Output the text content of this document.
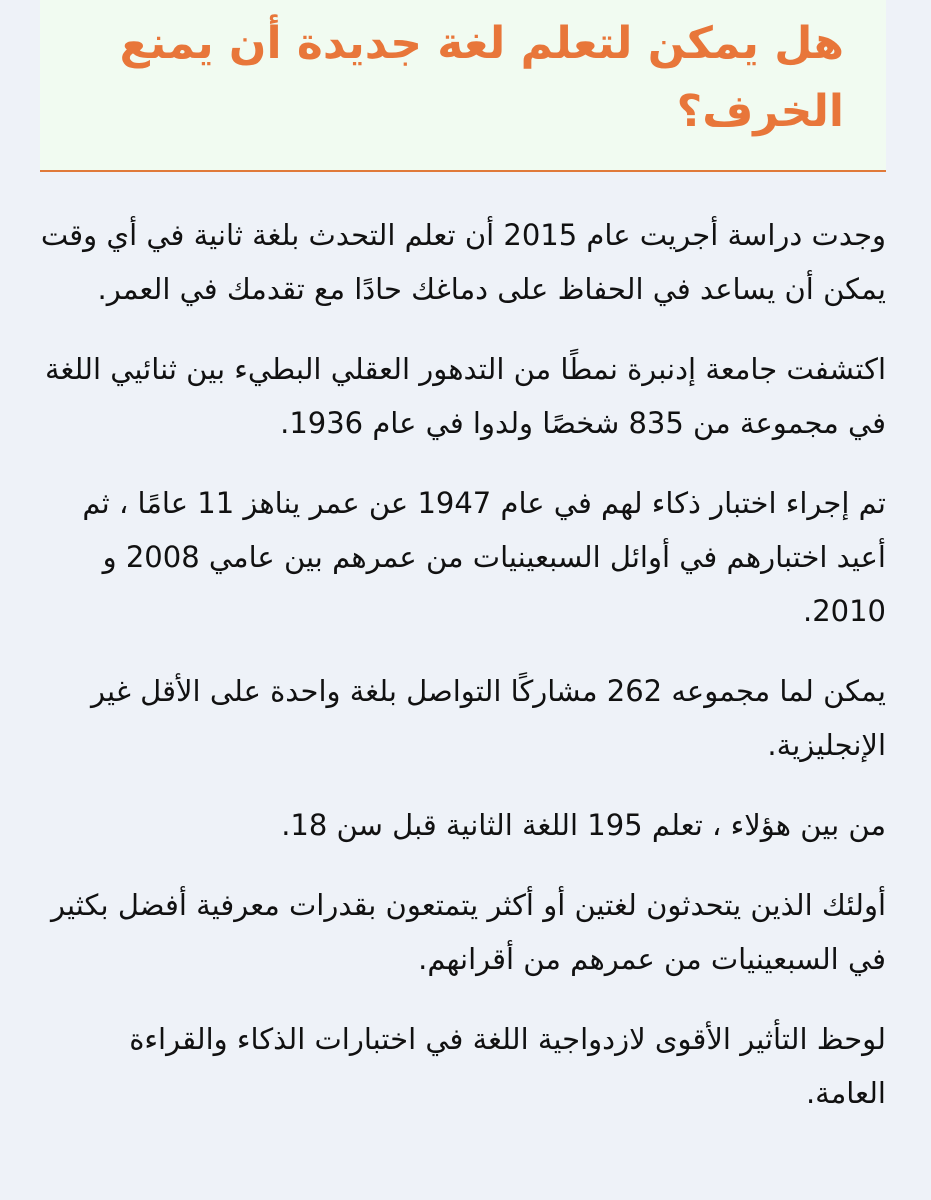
هل يمكن لتعلم لغة جديدة أن يمنع الخرف؟

وجدت دراسة أجريت عام 2015 أن تعلم التحدث بلغة ثانية في أي وقت يمكن أن يساعد في الحفاظ على دماغك حادًا مع تقدمك في العمر.

اكتشفت جامعة إدنبرة نمطًا من التدهور العقلي البطيء بين ثنائيي اللغة في مجموعة من 835 شخصًا ولدوا في عام 1936.

تم إجراء اختبار ذكاء لهم في عام 1947 عن عمر يناهز 11 عامًا ، ثم أعيد اختبارهم في أوائل السبعينيات من عمرهم بين عامي 2008 و 2010.

يمكن لما مجموعه 262 مشاركًا التواصل بلغة واحدة على الأقل غير الإنجليزية.

من بين هؤلاء ، تعلم 195 اللغة الثانية قبل سن 18.

أولئك الذين يتحدثون لغتين أو أكثر يتمتعون بقدرات معرفية أفضل بكثير في السبعينيات من عمرهم من أقرانهم.

لوحظ التأثير الأقوى لازدواجية اللغة في اختبارات الذكاء والقراءة العامة.
